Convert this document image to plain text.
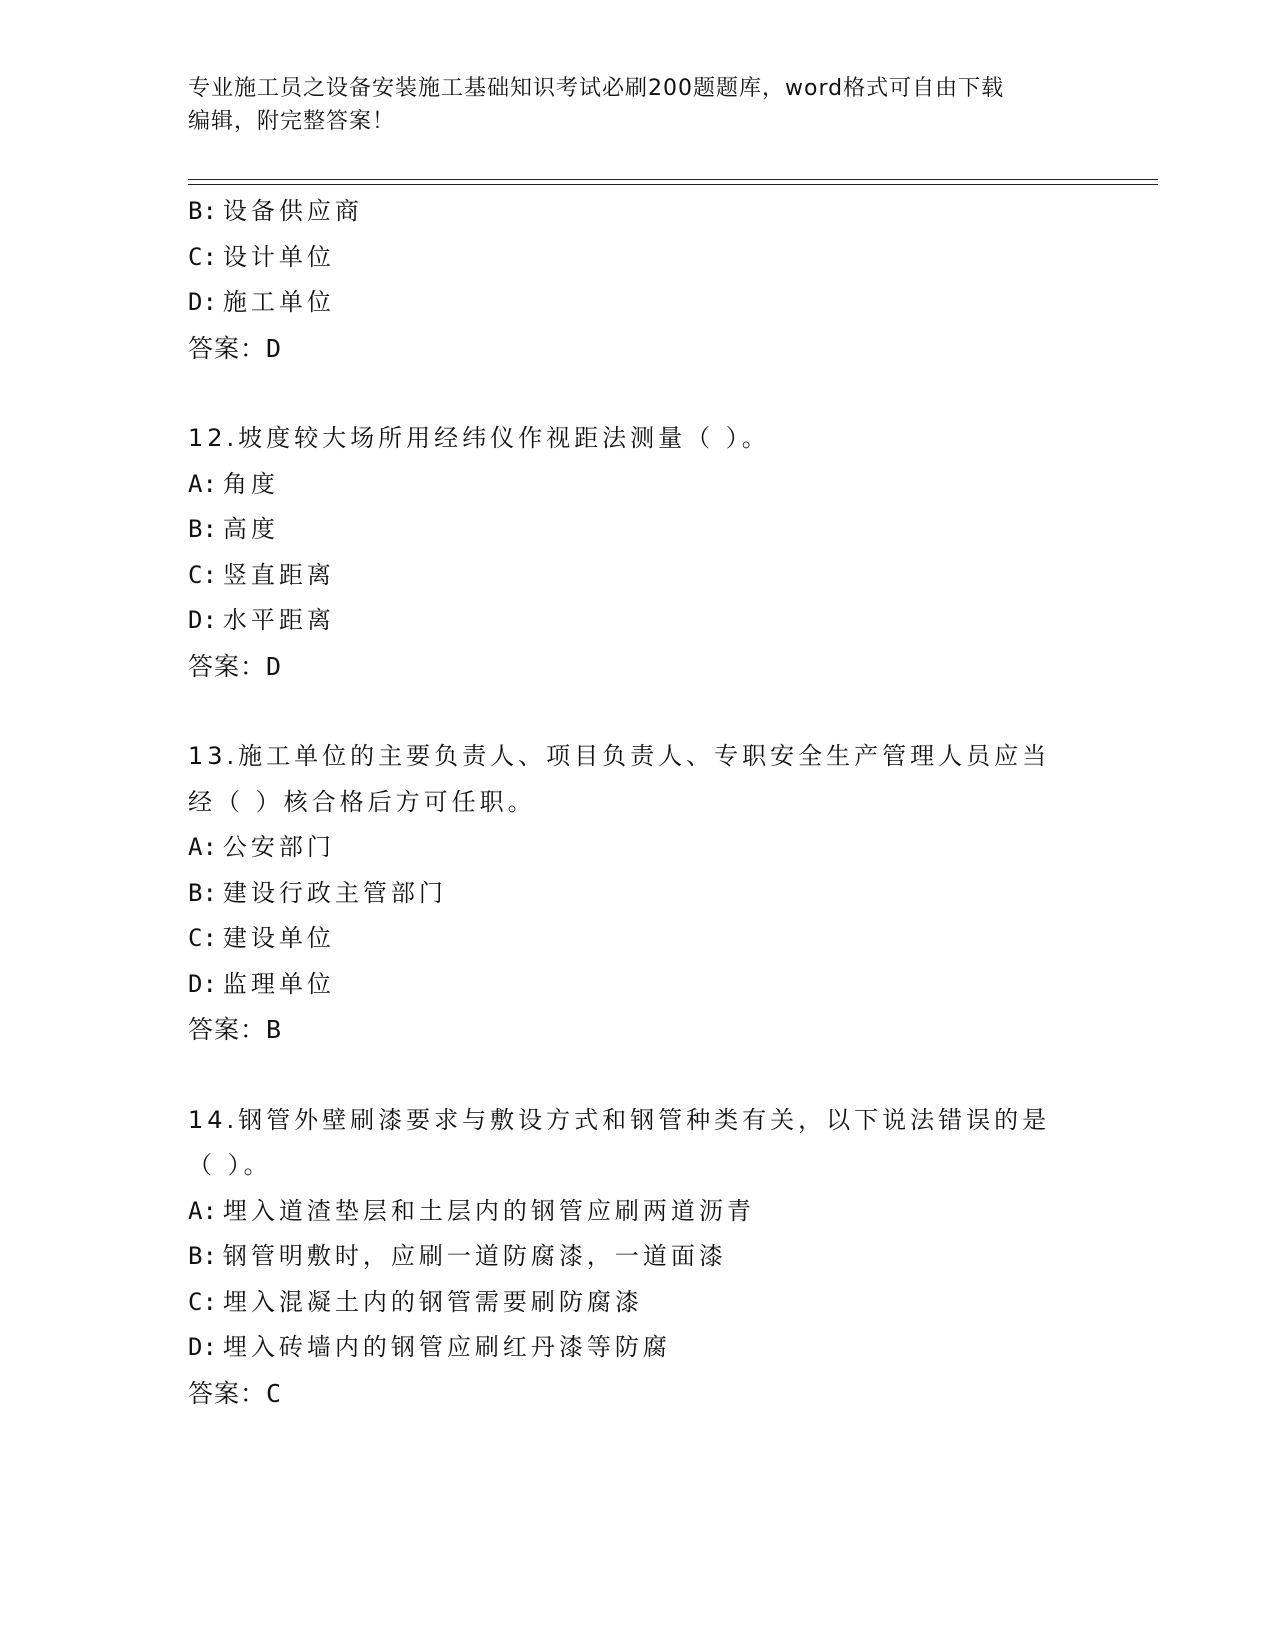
专业施工员之设备安装施工基础知识考试必刷200题题库，word格式可自由下载
编辑，附完整答案！
B: 设备供应商
C: 设计单位
D: 施工单位
答案：D
12.坡度较大场所用经纬仪作视距法测量（ ）。
A: 角度
B: 高度
C: 竖直距离
D: 水平距离
答案：D
13.施工单位的主要负责人、项目负责人、专职安全生产管理人员应当
经（ ）核合格后方可任职。
A: 公安部门
B: 建设行政主管部门
C: 建设单位
D: 监理单位
答案：B
14.钢管外壁刷漆要求与敷设方式和钢管种类有关，以下说法错误的是
（ ）。
A: 埋入道渣垫层和土层内的钢管应刷两道沥青
B: 钢管明敷时，应刷一道防腐漆，一道面漆
C: 埋入混凝土内的钢管需要刷防腐漆
D: 埋入砖墙内的钢管应刷红丹漆等防腐
答案：C
